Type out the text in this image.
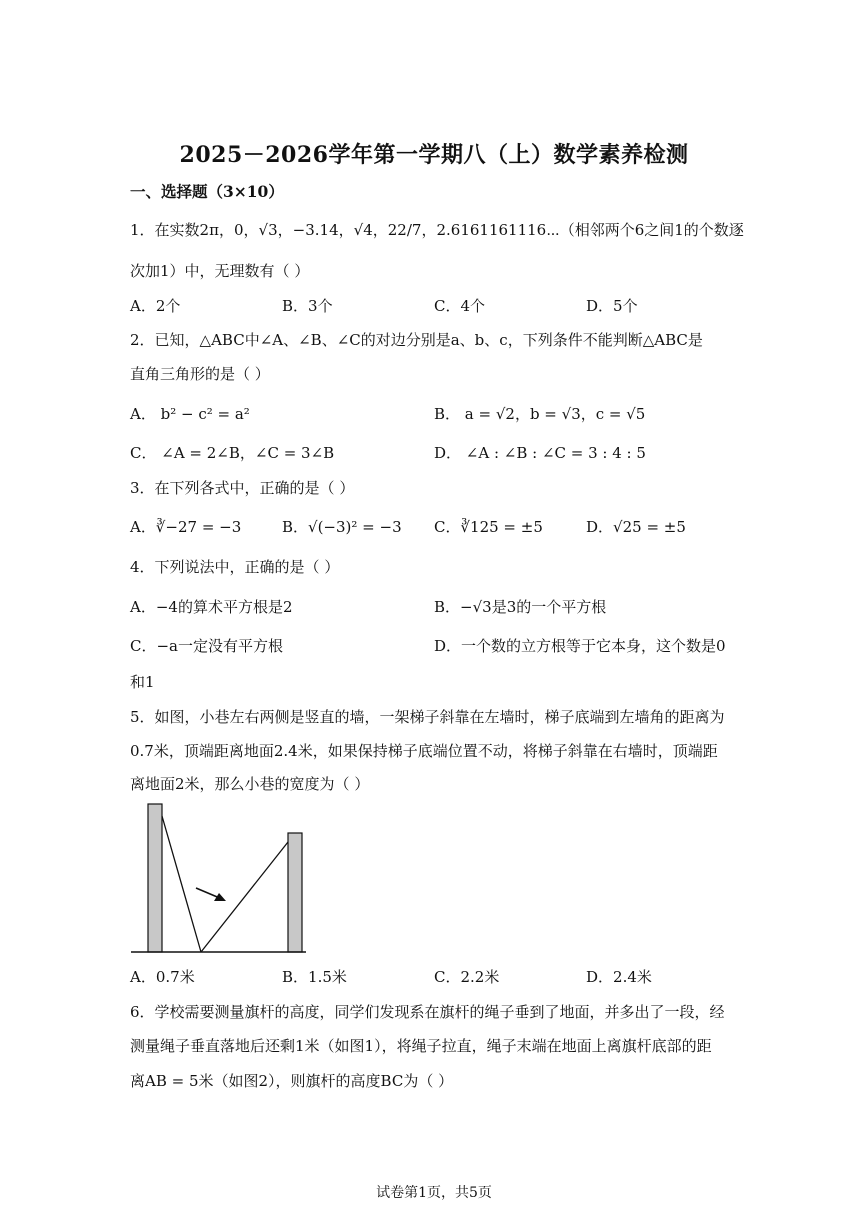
2025－2026学年第一学期八（上）数学素养检测
一、选择题（3×10）
1．在实数2π，0，√3，−3.14，√4，22/7，2.6161161116⋯（相邻两个6之间1的个数逐
次加1）中，无理数有（ ）
A．2个	B．3个	C．4个	D．5个
2．已知，△ABC中∠A、∠B、∠C的对边分别是a、b、c，下列条件不能判断△ABC是
直角三角形的是（ ）
A． b² − c² = a²	B． a = √2，b = √3，c = √5
C． ∠A = 2∠B，∠C = 3∠B	D． ∠A : ∠B : ∠C = 3 : 4 : 5
3．在下列各式中，正确的是（ ）
A．∛−27 = −3	B．√(−3)² = −3 C．∛125 = ±5	D．√25 = ±5
4．下列说法中，正确的是（ ）
A．−4的算术平方根是2	B．−√3是3的一个平方根
C．−a一定没有平方根	D．一个数的立方根等于它本身，这个数是0
和1
5．如图，小巷左右两侧是竖直的墙，一架梯子斜靠在左墙时，梯子底端到左墙角的距离为
0.7米，顶端距离地面2.4米，如果保持梯子底端位置不动，将梯子斜靠在右墙时，顶端距
离地面2米，那么小巷的宽度为（ ）
A．0.7米	B．1.5米	C．2.2米	D．2.4米
6．学校需要测量旗杆的高度，同学们发现系在旗杆的绳子垂到了地面，并多出了一段，经
测量绳子垂直落地后还剩1米（如图1），将绳子拉直，绳子末端在地面上离旗杆底部的距
离AB = 5米（如图2），则旗杆的高度BC为（ ）
试卷第1页，共5页
